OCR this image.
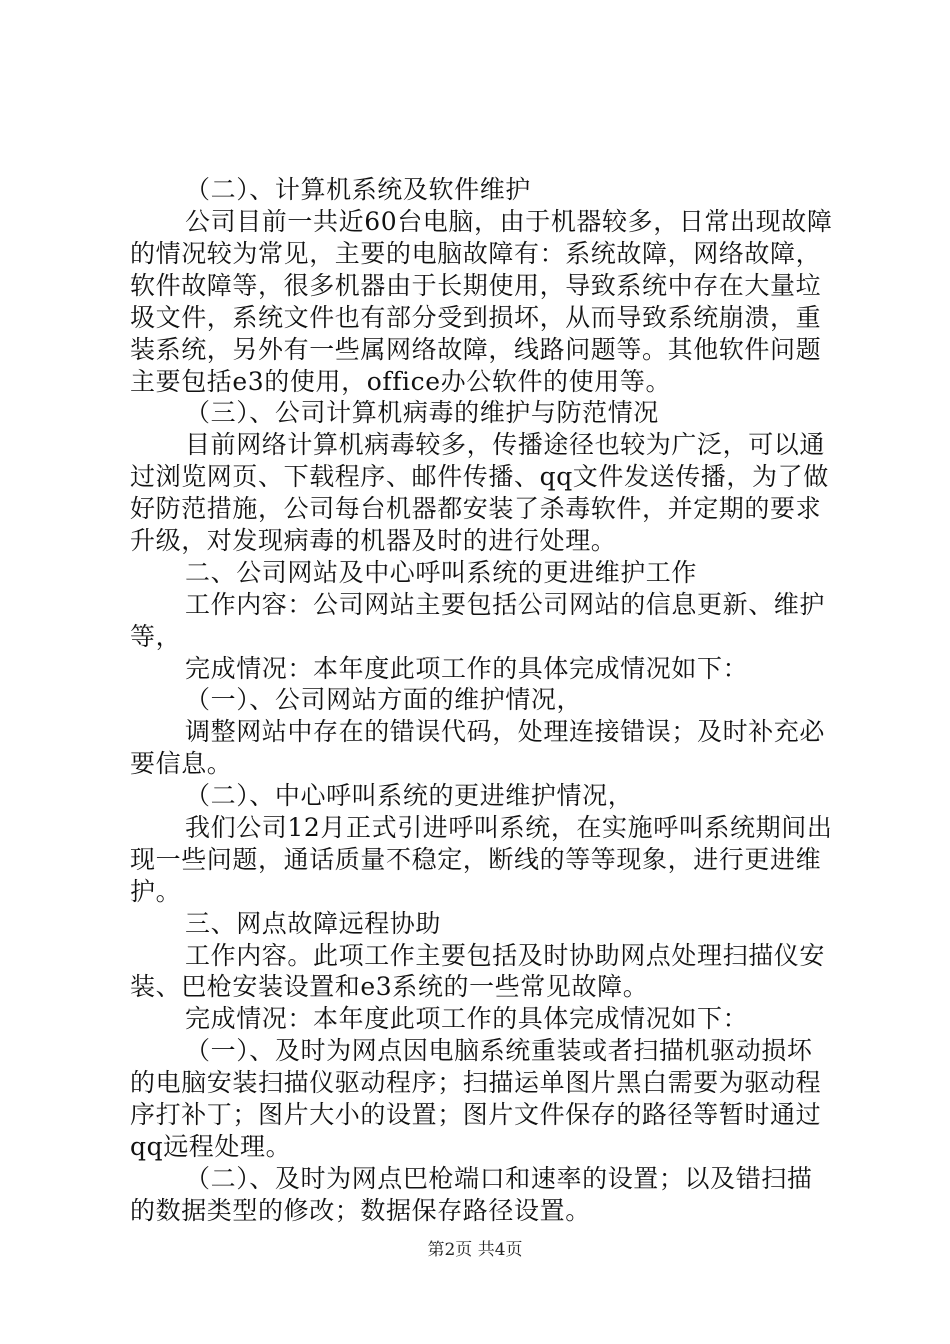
（二）、计算机系统及软件维护
公司目前一共近60台电脑，由于机器较多，日常出现故障
的情况较为常见，主要的电脑故障有：系统故障，网络故障，
软件故障等，很多机器由于长期使用，导致系统中存在大量垃
圾文件，系统文件也有部分受到损坏，从而导致系统崩溃，重
装系统，另外有一些属网络故障，线路问题等。其他软件问题
主要包括e3的使用，office办公软件的使用等。
（三）、公司计算机病毒的维护与防范情况
目前网络计算机病毒较多，传播途径也较为广泛，可以通
过浏览网页、下载程序、邮件传播、qq文件发送传播，为了做
好防范措施，公司每台机器都安装了杀毒软件，并定期的要求
升级，对发现病毒的机器及时的进行处理。
二、公司网站及中心呼叫系统的更进维护工作
工作内容：公司网站主要包括公司网站的信息更新、维护
等，
完成情况：本年度此项工作的具体完成情况如下：
（一）、公司网站方面的维护情况，
调整网站中存在的错误代码，处理连接错误；及时补充必
要信息。
（二）、中心呼叫系统的更进维护情况，
我们公司12月正式引进呼叫系统，在实施呼叫系统期间出
现一些问题，通话质量不稳定，断线的等等现象，进行更进维
护。
三、网点故障远程协助
工作内容。此项工作主要包括及时协助网点处理扫描仪安
装、巴枪安装设置和e3系统的一些常见故障。
完成情况：本年度此项工作的具体完成情况如下：
（一）、及时为网点因电脑系统重装或者扫描机驱动损坏
的电脑安装扫描仪驱动程序；扫描运单图片黑白需要为驱动程
序打补丁；图片大小的设置；图片文件保存的路径等暂时通过
qq远程处理。
（二）、及时为网点巴枪端口和速率的设置；以及错扫描
的数据类型的修改；数据保存路径设置。
第2页 共4页
